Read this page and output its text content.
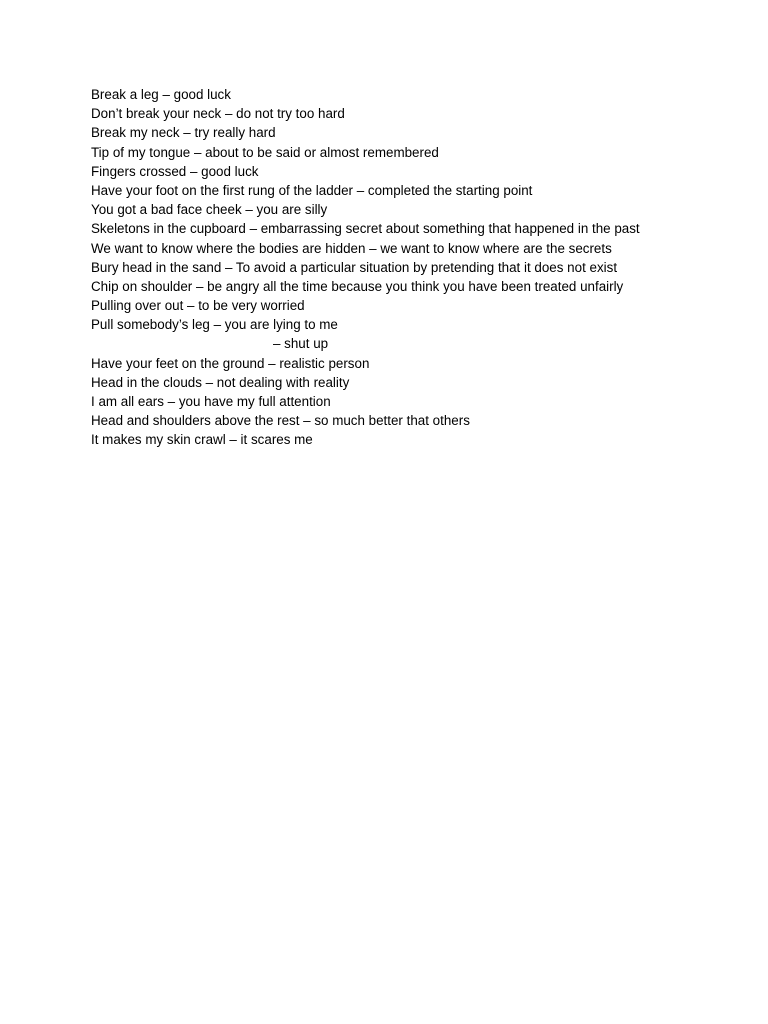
Break a leg – good luck
Don’t break your neck – do not try too hard
Break my neck – try really hard
Tip of my tongue – about to be said or almost remembered
Fingers crossed – good luck
Have your foot on the first rung of the ladder – completed the starting point
You got a bad face cheek – you are silly
Skeletons in the cupboard – embarrassing secret about something that happened in the past
We want to know where the bodies are hidden – we want to know where are the secrets
Bury head in the sand – To avoid a particular situation by pretending that it does not exist
Chip on shoulder – be angry all the time because you think you have been treated unfairly
Pulling over out – to be very worried
Pull somebody’s leg – you are lying to me
– shut up
Have your feet on the ground – realistic person
Head in the clouds – not dealing with reality
I am all ears – you have my full attention
Head and shoulders above the rest – so much better that others
It makes my skin crawl – it scares me
